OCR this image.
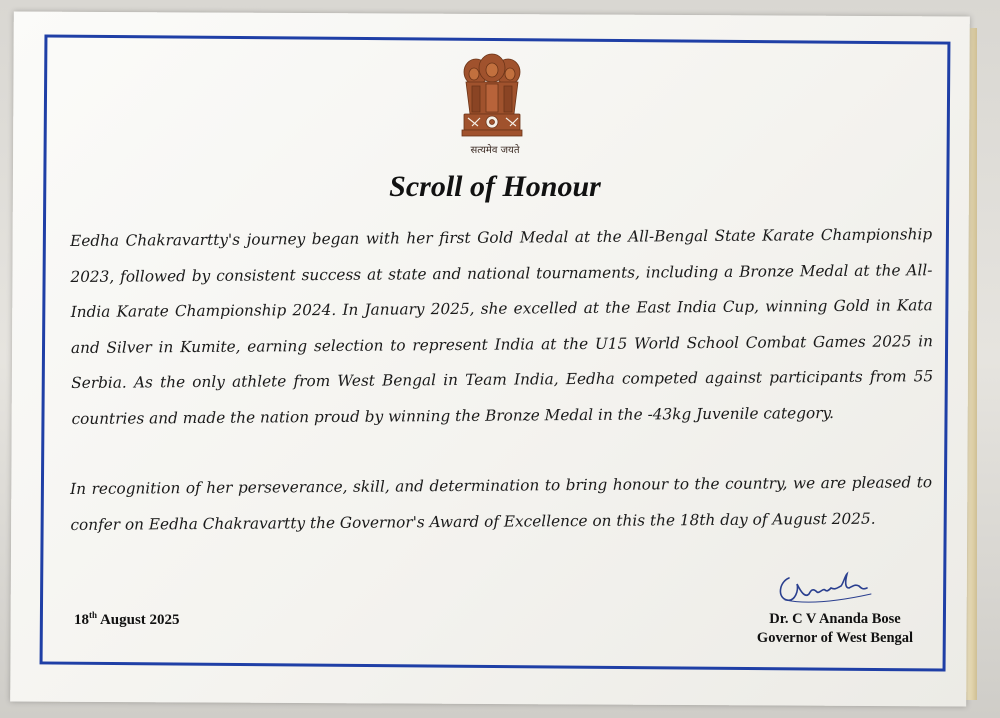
सत्यमेव जयते
Scroll of Honour

Eedha Chakravartty's journey began with her first Gold Medal at the All-Bengal State Karate Championship 2023, followed by consistent success at state and national tournaments, including a Bronze Medal at the All-India Karate Championship 2024. In January 2025, she excelled at the East India Cup, winning Gold in Kata and Silver in Kumite, earning selection to represent India at the U15 World School Combat Games 2025 in Serbia. As the only athlete from West Bengal in Team India, Eedha competed against participants from 55 countries and made the nation proud by winning the Bronze Medal in the -43kg Juvenile category.

In recognition of her perseverance, skill, and determination to bring honour to the country, we are pleased to confer on Eedha Chakravartty the Governor's Award of Excellence on this the 18th day of August 2025.

18th August 2025	Dr. C V Ananda Bose
Governor of West Bengal
